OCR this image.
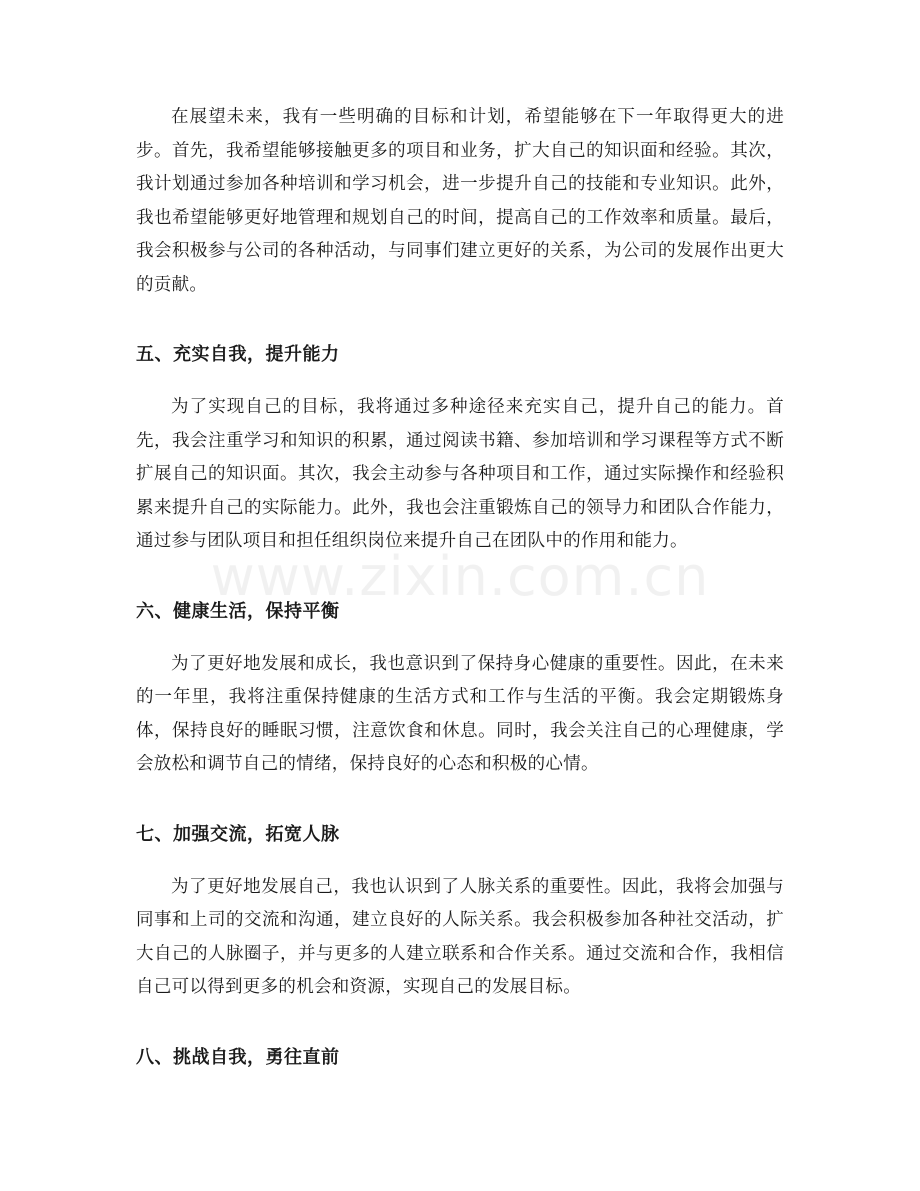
www.zixin.com.cn

在展望未来，我有一些明确的目标和计划，希望能够在下一年取得更大的进步。首先，我希望能够接触更多的项目和业务，扩大自己的知识面和经验。其次，我计划通过参加各种培训和学习机会，进一步提升自己的技能和专业知识。此外，我也希望能够更好地管理和规划自己的时间，提高自己的工作效率和质量。最后，我会积极参与公司的各种活动，与同事们建立更好的关系，为公司的发展作出更大的贡献。

五、充实自我，提升能力

为了实现自己的目标，我将通过多种途径来充实自己，提升自己的能力。首先，我会注重学习和知识的积累，通过阅读书籍、参加培训和学习课程等方式不断扩展自己的知识面。其次，我会主动参与各种项目和工作，通过实际操作和经验积累来提升自己的实际能力。此外，我也会注重锻炼自己的领导力和团队合作能力，通过参与团队项目和担任组织岗位来提升自己在团队中的作用和能力。

六、健康生活，保持平衡

为了更好地发展和成长，我也意识到了保持身心健康的重要性。因此，在未来的一年里，我将注重保持健康的生活方式和工作与生活的平衡。我会定期锻炼身体，保持良好的睡眠习惯，注意饮食和休息。同时，我会关注自己的心理健康，学会放松和调节自己的情绪，保持良好的心态和积极的心情。

七、加强交流，拓宽人脉

为了更好地发展自己，我也认识到了人脉关系的重要性。因此，我将会加强与同事和上司的交流和沟通，建立良好的人际关系。我会积极参加各种社交活动，扩大自己的人脉圈子，并与更多的人建立联系和合作关系。通过交流和合作，我相信自己可以得到更多的机会和资源，实现自己的发展目标。

八、挑战自我，勇往直前
